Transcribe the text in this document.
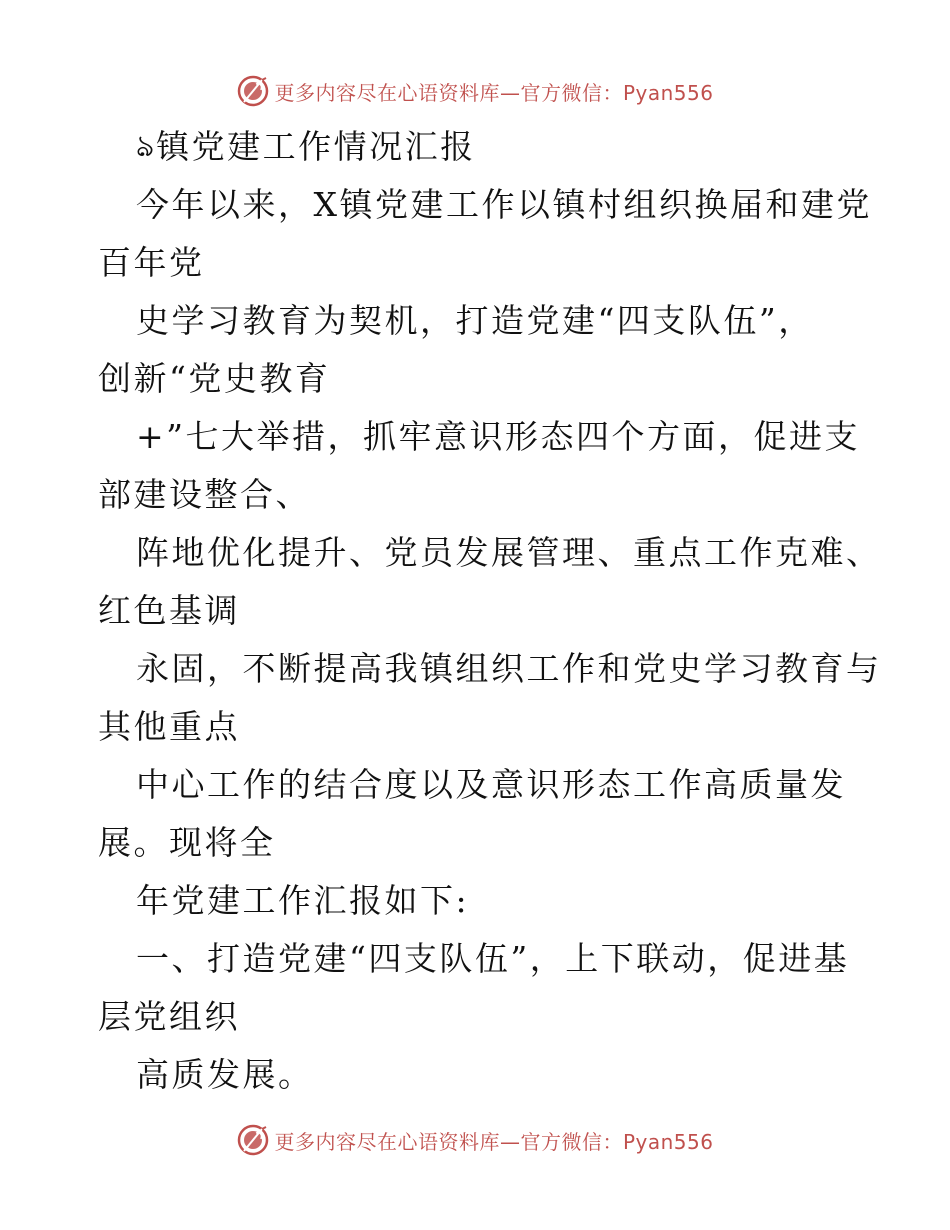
更多内容尽在心语资料库—官方微信：Pyan556
ঌ 镇党建工作情况汇报
今年以来，X镇党建工作以镇村组织换届和建党
百年党
史学习教育为契机，打造党建“四支队伍”，
创新“党史教育
+”七大举措，抓牢意识形态四个方面，促进支
部建设整合、
阵地优化提升、党员发展管理、重点工作克难、
红色基调
永固，不断提高我镇组织工作和党史学习教育与
其他重点
中心工作的结合度以及意识形态工作高质量发
展。现将全
年党建工作汇报如下:
一、打造党建“四支队伍”，上下联动，促进基
层党组织
高质发展。
更多内容尽在心语资料库—官方微信：Pyan556
